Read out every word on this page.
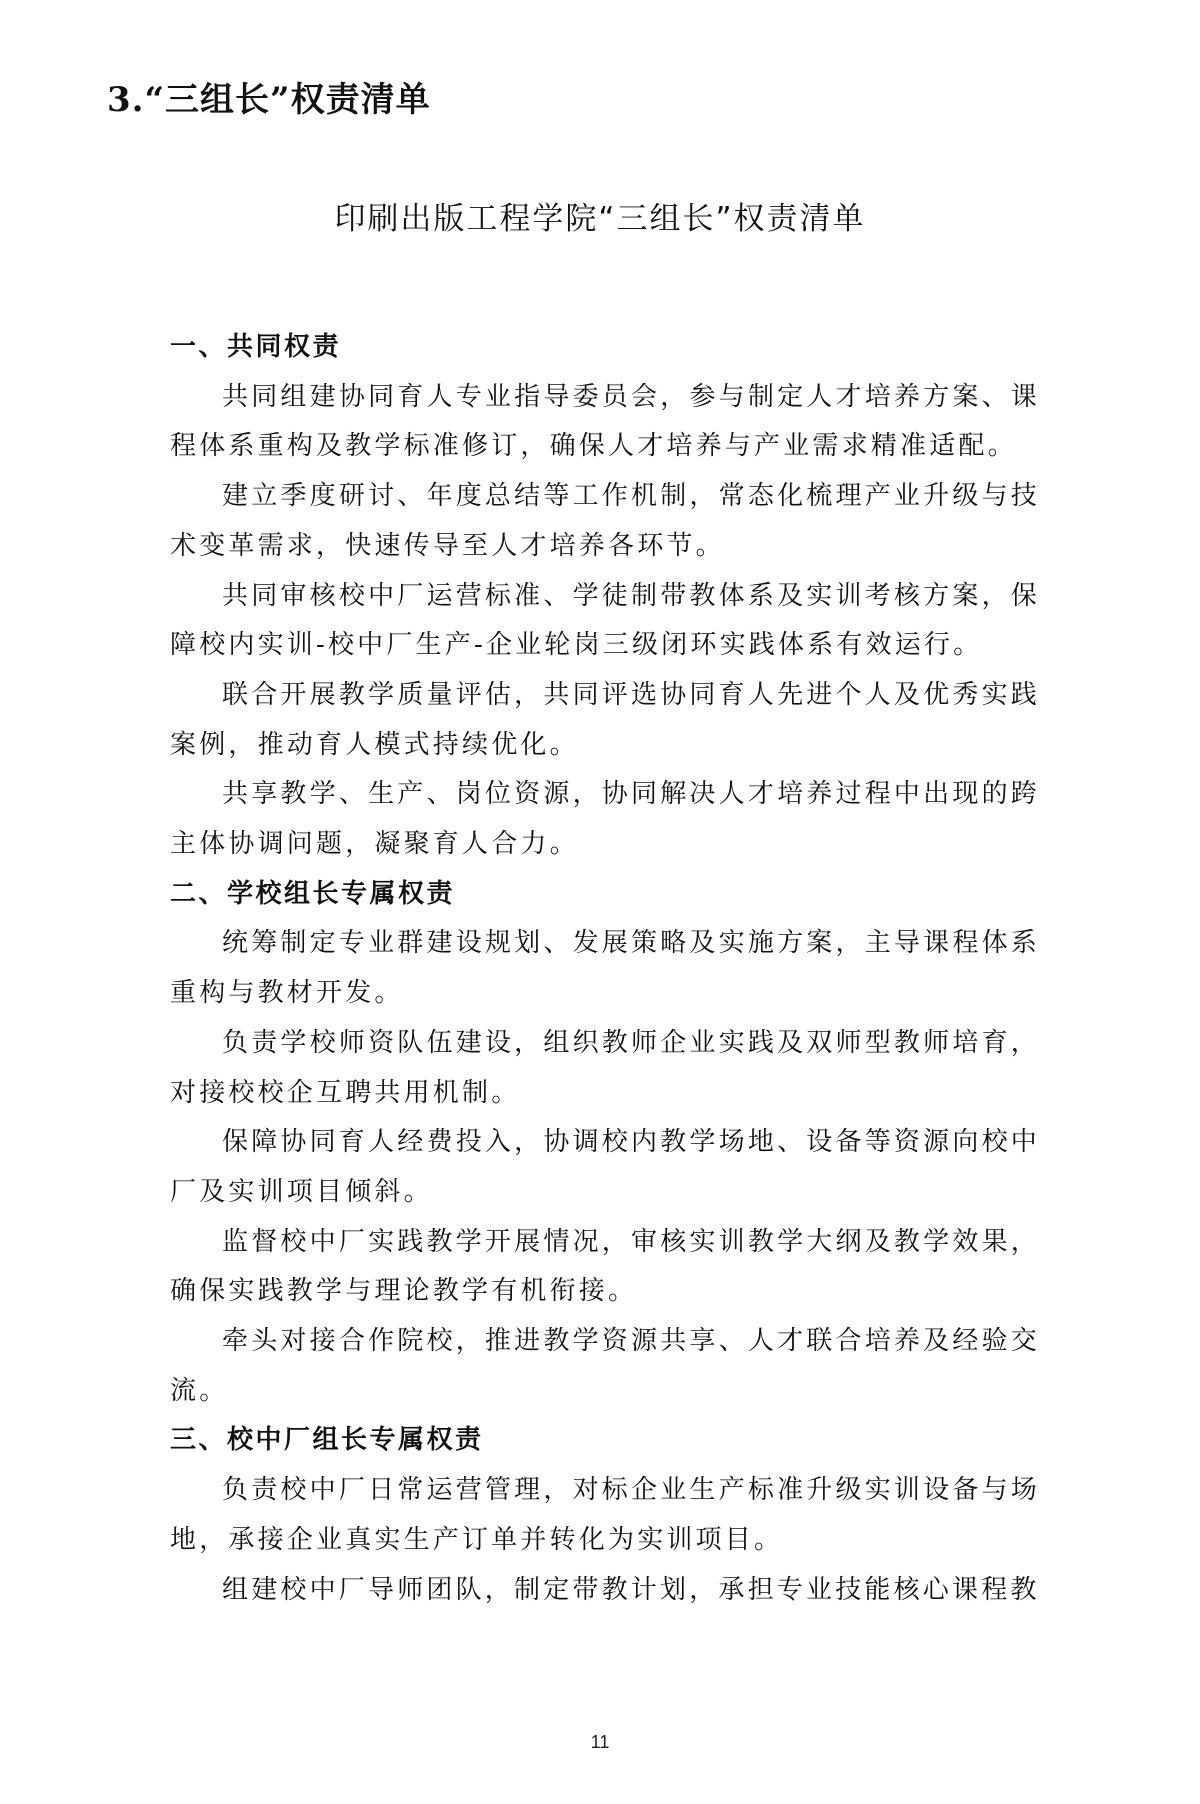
3.“三组长”权责清单
印刷出版工程学院“三组长”权责清单
一、共同权责

共同组建协同育人专业指导委员会，参与制定人才培养方案、课程体系重构及教学标准修订，确保人才培养与产业需求精准适配。

建立季度研讨、年度总结等工作机制，常态化梳理产业升级与技术变革需求，快速传导至人才培养各环节。

共同审核校中厂运营标准、学徒制带教体系及实训考核方案，保障校内实训-校中厂生产-企业轮岗三级闭环实践体系有效运行。

联合开展教学质量评估，共同评选协同育人先进个人及优秀实践案例，推动育人模式持续优化。

共享教学、生产、岗位资源，协同解决人才培养过程中出现的跨主体协调问题，凝聚育人合力。

二、学校组长专属权责

统筹制定专业群建设规划、发展策略及实施方案，主导课程体系重构与教材开发。

负责学校师资队伍建设，组织教师企业实践及双师型教师培育，对接校校企互聘共用机制。

保障协同育人经费投入，协调校内教学场地、设备等资源向校中厂及实训项目倾斜。

监督校中厂实践教学开展情况，审核实训教学大纲及教学效果，确保实践教学与理论教学有机衔接。

牵头对接合作院校，推进教学资源共享、人才联合培养及经验交流。

三、校中厂组长专属权责

负责校中厂日常运营管理，对标企业生产标准升级实训设备与场地，承接企业真实生产订单并转化为实训项目。

组建校中厂导师团队，制定带教计划，承担专业技能核心课程教

11
